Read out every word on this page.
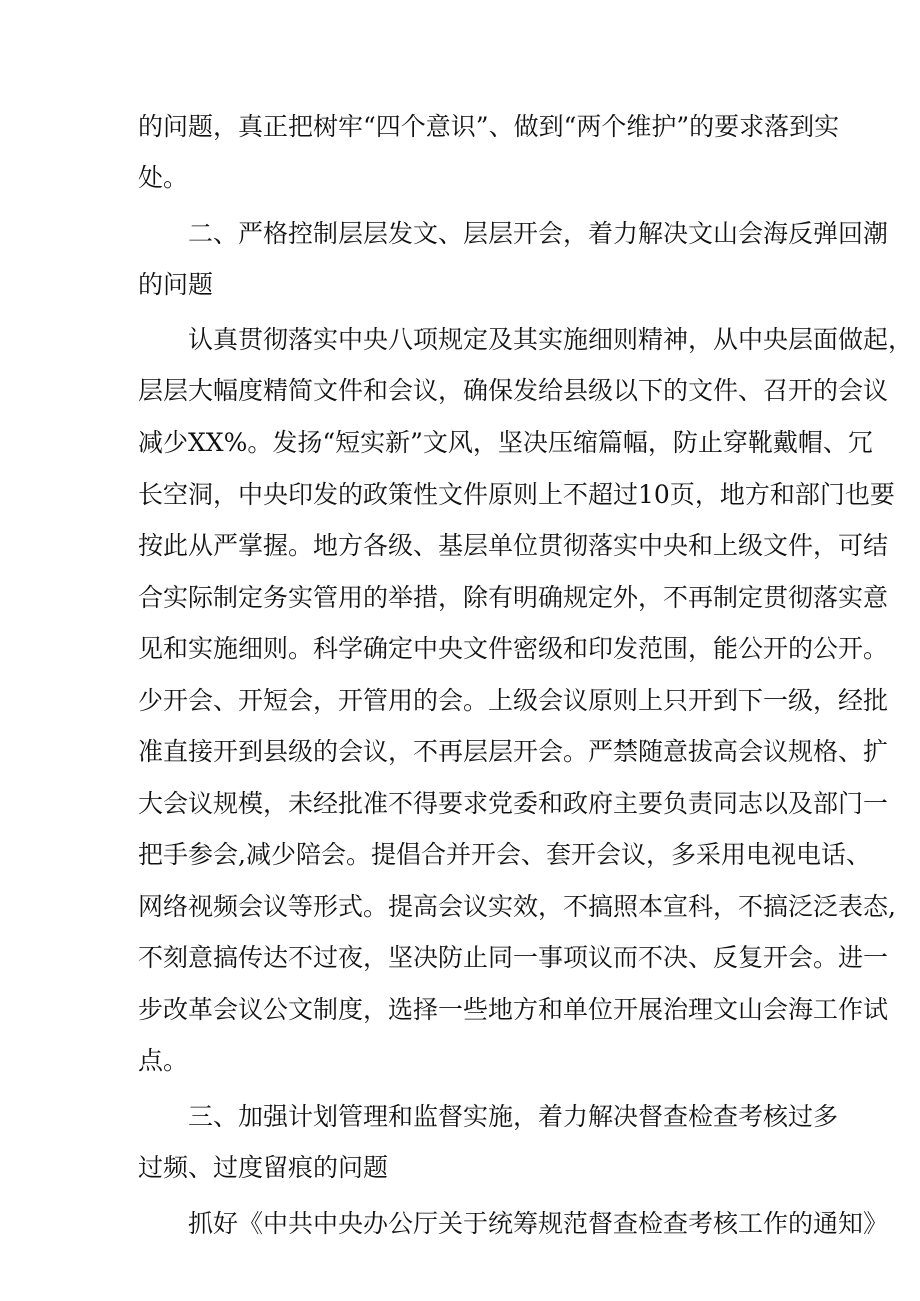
的问题，真正把树牢“四个意识”、做到“两个维护”的要求落到实
处。
二、严格控制层层发文、层层开会，着力解决文山会海反弹回潮
的问题
认真贯彻落实中央八项规定及其实施细则精神，从中央层面做起，
层层大幅度精简文件和会议，确保发给县级以下的文件、召开的会议
减少XX%。发扬“短实新”文风，坚决压缩篇幅，防止穿靴戴帽、冗
长空洞，中央印发的政策性文件原则上不超过10页，地方和部门也要
按此从严掌握。地方各级、基层单位贯彻落实中央和上级文件，可结
合实际制定务实管用的举措，除有明确规定外，不再制定贯彻落实意
见和实施细则。科学确定中央文件密级和印发范围，能公开的公开。
少开会、开短会，开管用的会。上级会议原则上只开到下一级，经批
准直接开到县级的会议，不再层层开会。严禁随意拔高会议规格、扩
大会议规模，未经批准不得要求党委和政府主要负责同志以及部门一
把手参会,减少陪会。提倡合并开会、套开会议，多采用电视电话、
网络视频会议等形式。提高会议实效，不搞照本宣科，不搞泛泛表态,
不刻意搞传达不过夜，坚决防止同一事项议而不决、反复开会。进一
步改革会议公文制度，选择一些地方和单位开展治理文山会海工作试
点。
三、加强计划管理和监督实施，着力解决督查检查考核过多
过频、过度留痕的问题
抓好《中共中央办公厅关于统筹规范督查检查考核工作的通知》
